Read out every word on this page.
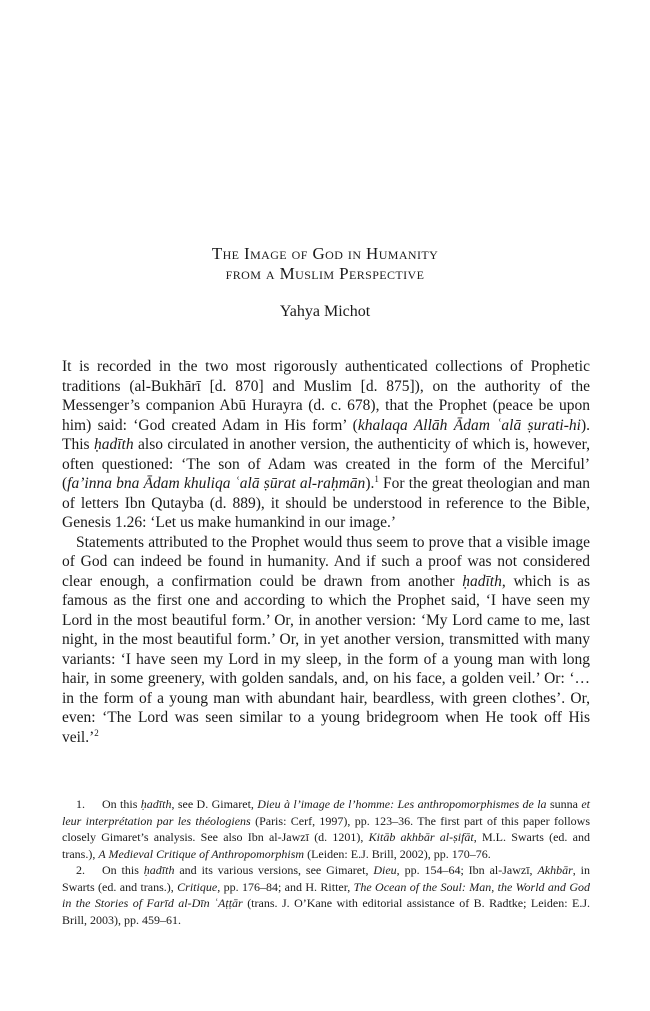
The Image of God in Humanity
from a Muslim Perspective
Yahya Michot

It is recorded in the two most rigorously authenticated collections of Prophetic traditions (al-Bukhārī [d. 870] and Muslim [d. 875]), on the authority of the Messenger’s companion Abū Hurayra (d. c. 678), that the Prophet (peace be upon him) said: ‘God created Adam in His form’ (khalaqa Allāh Ādam ʿalā ṣurati-hi). This ḥadīth also circulated in another version, the authenticity of which is, however, often questioned: ‘The son of Adam was created in the form of the Merciful’ (fa’inna bna Ādam khuliqa ʿalā ṣūrat al-raḥmān).$^1$ For the great theologian and man of letters Ibn Qutayba (d. 889), it should be understood in reference to the Bible, Genesis 1.26: ‘Let us make humankind in our image.’

Statements attributed to the Prophet would thus seem to prove that a visible image of God can indeed be found in humanity. And if such a proof was not considered clear enough, a confirmation could be drawn from another ḥadīth, which is as famous as the first one and according to which the Prophet said, ‘I have seen my Lord in the most beautiful form.’ Or, in another version: ‘My Lord came to me, last night, in the most beautiful form.’ Or, in yet another version, transmitted with many variants: ‘I have seen my Lord in my sleep, in the form of a young man with long hair, in some greenery, with golden sandals, and, on his face, a golden veil.’ Or: ‘… in the form of a young man with abundant hair, beardless, with green clothes’. Or, even: ‘The Lord was seen similar to a young bridegroom when He took off His veil.’$^2$

1. On this ḥadīth, see D. Gimaret, Dieu à l’image de l’homme: Les anthropomorphismes de la sunna et leur interprétation par les théologiens (Paris: Cerf, 1997), pp. 123–36. The first part of this paper follows closely Gimaret’s analysis. See also Ibn al-Jawzī (d. 1201), Kitāb akhbār al-ṣifāt, M.L. Swarts (ed. and trans.), A Medieval Critique of Anthropomorphism (Leiden: E.J. Brill, 2002), pp. 170–76.

2. On this ḥadīth and its various versions, see Gimaret, Dieu, pp. 154–64; Ibn al-Jawzī, Akhbār, in Swarts (ed. and trans.), Critique, pp. 176–84; and H. Ritter, The Ocean of the Soul: Man, the World and God in the Stories of Farīd al-Dīn ʿAṭṭār (trans. J. O’Kane with editorial assistance of B. Radtke; Leiden: E.J. Brill, 2003), pp. 459–61.
